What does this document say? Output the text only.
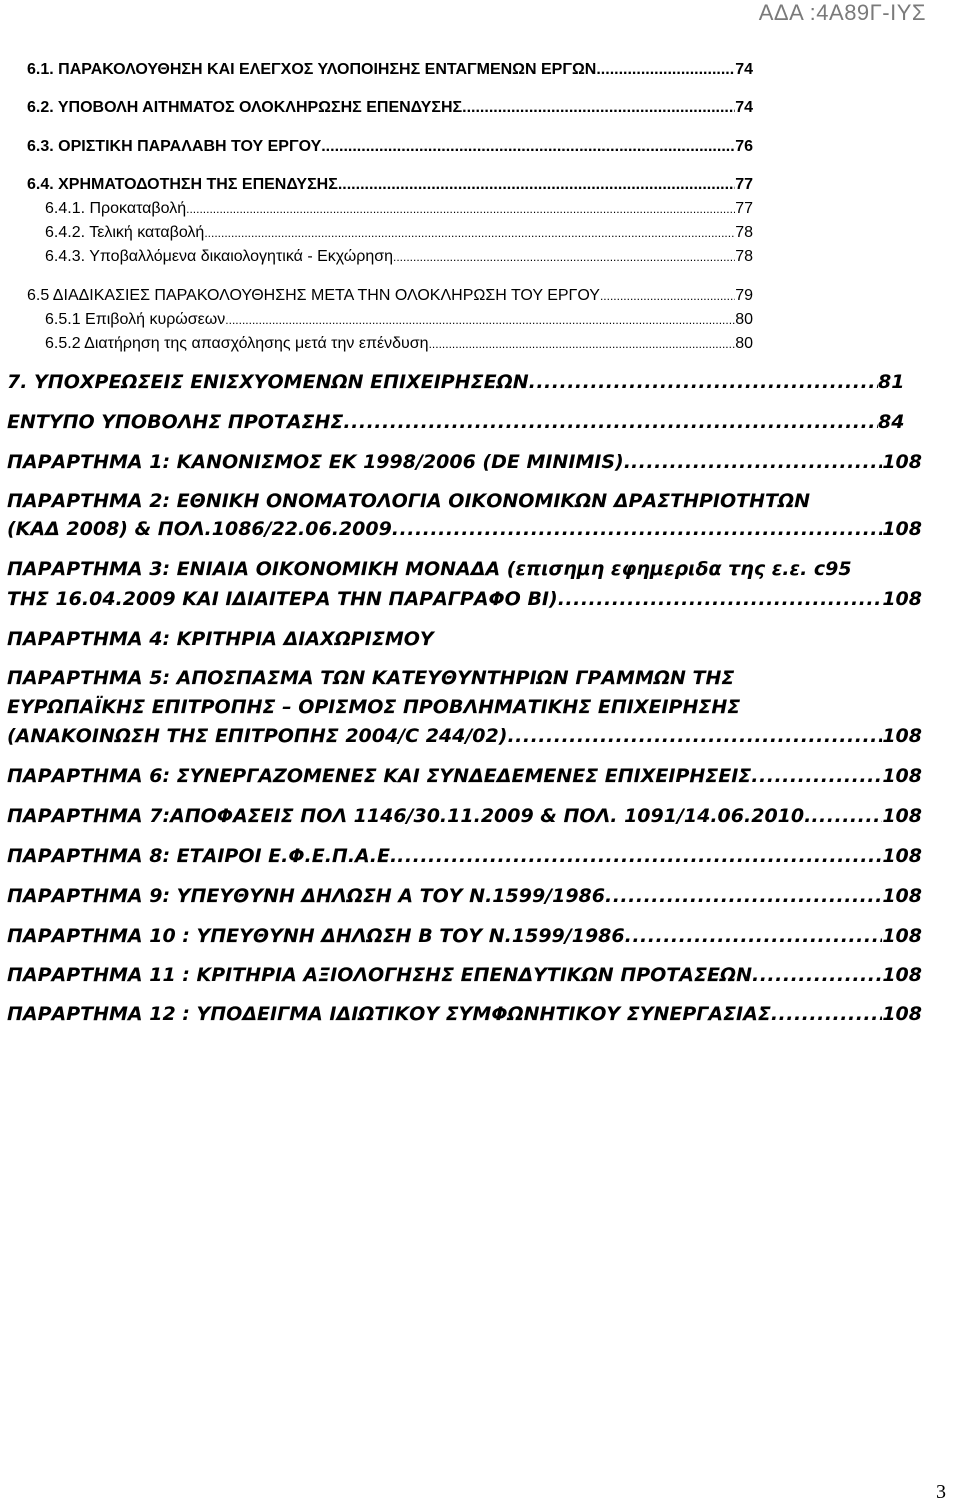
ΑΔΑ :4Α89Γ-ΙΥΣ
6.1. ΠΑΡΑΚΟΛΟΥΘΗΣΗ ΚΑΙ ΕΛΕΓΧΟΣ ΥΛΟΠΟΙΗΣΗΣ ΕΝΤΑΓΜΕΝΩΝ ΕΡΓΩΝ .....	74
6.2. ΥΠΟΒΟΛΗ ΑΙΤΗΜΑΤΟΣ ΟΛΟΚΛΗΡΩΣΗΣ ΕΠΕΝΔΥΣΗΣ .....	74
6.3. ΟΡΙΣΤΙΚΗ ΠΑΡΑΛΑΒΗ ΤΟΥ ΕΡΓΟΥ .....	76
6.4. ΧΡΗΜΑΤΟΔΟΤΗΣΗ ΤΗΣ ΕΠΕΝΔΥΣΗΣ .....	77
6.4.1. Προκαταβολή .....	77
6.4.2. Τελική καταβολή .....	78
6.4.3. Υποβαλλόμενα δικαιολογητικά - Εκχώρηση .....	78
6.5 ΔΙΑΔΙΚΑΣΙΕΣ ΠΑΡΑΚΟΛΟΥΘΗΣΗΣ ΜΕΤΑ ΤΗΝ ΟΛΟΚΛΗΡΩΣΗ ΤΟΥ ΕΡΓΟΥ .....	79
6.5.1 Επιβολή κυρώσεων .....	80
6.5.2 Διατήρηση της απασχόλησης μετά την επένδυση .....	80
7. ΥΠΟΧΡΕΩΣΕΙΣ ΕΝΙΣΧΥΟΜΕΝΩΝ ΕΠΙΧΕΙΡΗΣΕΩΝ .....	81
ΕΝΤΥΠΟ ΥΠΟΒΟΛΗΣ ΠΡΟΤΑΣΗΣ .....	84
ΠΑΡΑΡΤΗΜΑ 1: ΚΑΝΟΝΙΣΜΟΣ ΕΚ 1998/2006 (DE MINIMIS). .....	108
ΠΑΡΑΡΤΗΜΑ 2: ΕΘΝΙΚΗ ΟΝΟΜΑΤΟΛΟΓΙΑ ΟΙΚΟΝΟΜΙΚΩΝ ΔΡΑΣΤΗΡΙΟΤΗΤΩΝ
(ΚΑΔ 2008) & ΠΟΛ.1086/22.06.2009 .....	108
ΠΑΡΑΡΤΗΜΑ 3: ΕΝΙΑΙΑ ΟΙΚΟΝΟΜΙΚΗ ΜΟΝΑΔΑ (επισημη εφημεριδα της ε.ε. c95
ΤΗΣ 16.04.2009 ΚΑΙ ΙΔΙΑΙΤΕΡΑ ΤΗΝ ΠΑΡΑΓΡΑΦΟ ΒΙ) .....	108
ΠΑΡΑΡΤΗΜΑ 4: ΚΡΙΤΗΡΙΑ ΔΙΑΧΩΡΙΣΜΟΥ
ΠΑΡΑΡΤΗΜΑ 5: ΑΠΟΣΠΑΣΜΑ ΤΩΝ ΚΑΤΕΥΘΥΝΤΗΡΙΩΝ ΓΡΑΜΜΩΝ ΤΗΣ
ΕΥΡΩΠΑΪΚΗΣ ΕΠΙΤΡΟΠΗΣ – ΟΡΙΣΜΟΣ ΠΡΟΒΛΗΜΑΤΙΚΗΣ ΕΠΙΧΕΙΡΗΣΗΣ
(ΑΝΑΚΟΙΝΩΣΗ ΤΗΣ ΕΠΙΤΡΟΠΗΣ 2004/C 244/02) .....	108
ΠΑΡΑΡΤΗΜΑ 6: ΣΥΝΕΡΓΑΖΟΜΕΝΕΣ ΚΑΙ ΣΥΝΔΕΔΕΜΕΝΕΣ ΕΠΙΧΕΙΡΗΣΕΙΣ .....	108
ΠΑΡΑΡΤΗΜΑ 7:ΑΠΟΦΑΣΕΙΣ ΠΟΛ 1146/30.11.2009 & ΠΟΛ. 1091/14.06.2010. .....	108
ΠΑΡΑΡΤΗΜΑ 8: ΕΤΑΙΡΟΙ Ε.Φ.Ε.Π.Α.Ε. .....	108
ΠΑΡΑΡΤΗΜΑ 9: ΥΠΕΥΘΥΝΗ ΔΗΛΩΣΗ Α ΤΟΥ Ν.1599/1986 .....	108
ΠΑΡΑΡΤΗΜΑ 10 : ΥΠΕΥΘΥΝΗ ΔΗΛΩΣΗ Β ΤΟΥ Ν.1599/1986 .....	108
ΠΑΡΑΡΤΗΜΑ 11 : ΚΡΙΤΗΡΙΑ ΑΞΙΟΛΟΓΗΣΗΣ ΕΠΕΝΔΥΤΙΚΩΝ ΠΡΟΤΑΣΕΩΝ .....	108
ΠΑΡΑΡΤΗΜΑ 12 : ΥΠΟΔΕΙΓΜΑ ΙΔΙΩΤΙΚΟΥ ΣΥΜΦΩΝΗΤΙΚΟΥ ΣΥΝΕΡΓΑΣΙΑΣ .....	108
3
